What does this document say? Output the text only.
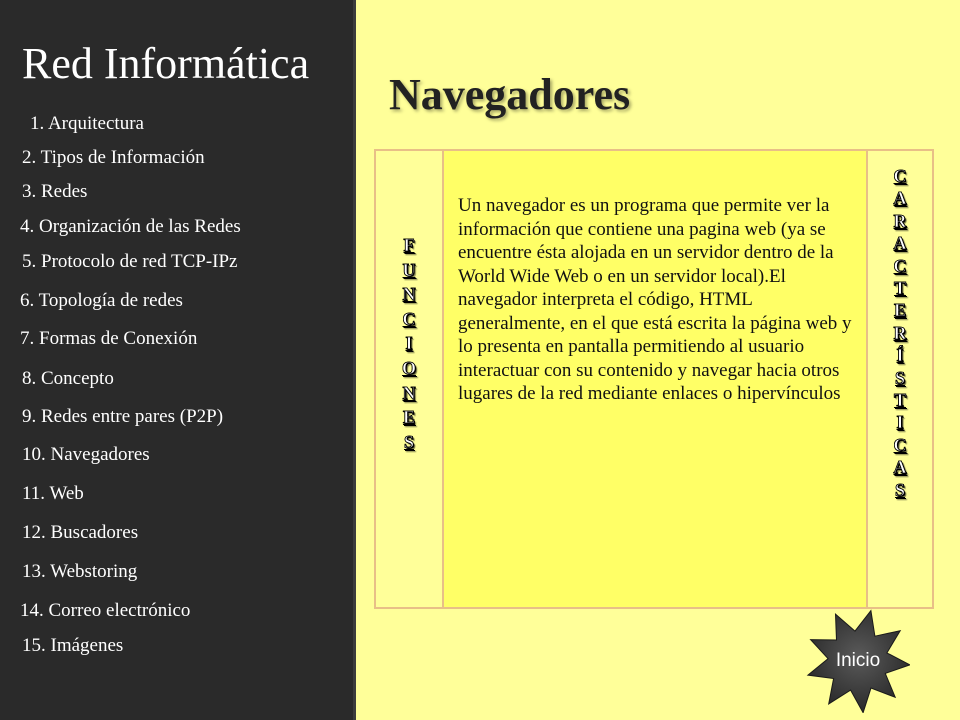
Red Informática
1. Arquitectura
2. Tipos de Información
3. Redes
4. Organización de las Redes
5. Protocolo de red TCP-IPz
6. Topología de redes
7. Formas de Conexión
8. Concepto
9. Redes entre pares (P2P)
10. Navegadores
11. Web
12. Buscadores
13. Webstoring
14. Correo electrónico
15. Imágenes
Navegadores
F
U
N
C
I
O
N
E
S
C
A
R
A
C
T
E
R
Í
S
T
I
C
A
S
Un navegador es un programa que permite ver la información que contiene una pagina web (ya se encuentre ésta alojada en un servidor dentro de la World Wide Web o en un servidor local).El navegador interpreta el código, HTML generalmente, en el que está escrita la página web y lo presenta en pantalla permitiendo al usuario interactuar con su contenido y navegar hacia otros lugares de la red mediante enlaces o hipervínculos
Inicio
